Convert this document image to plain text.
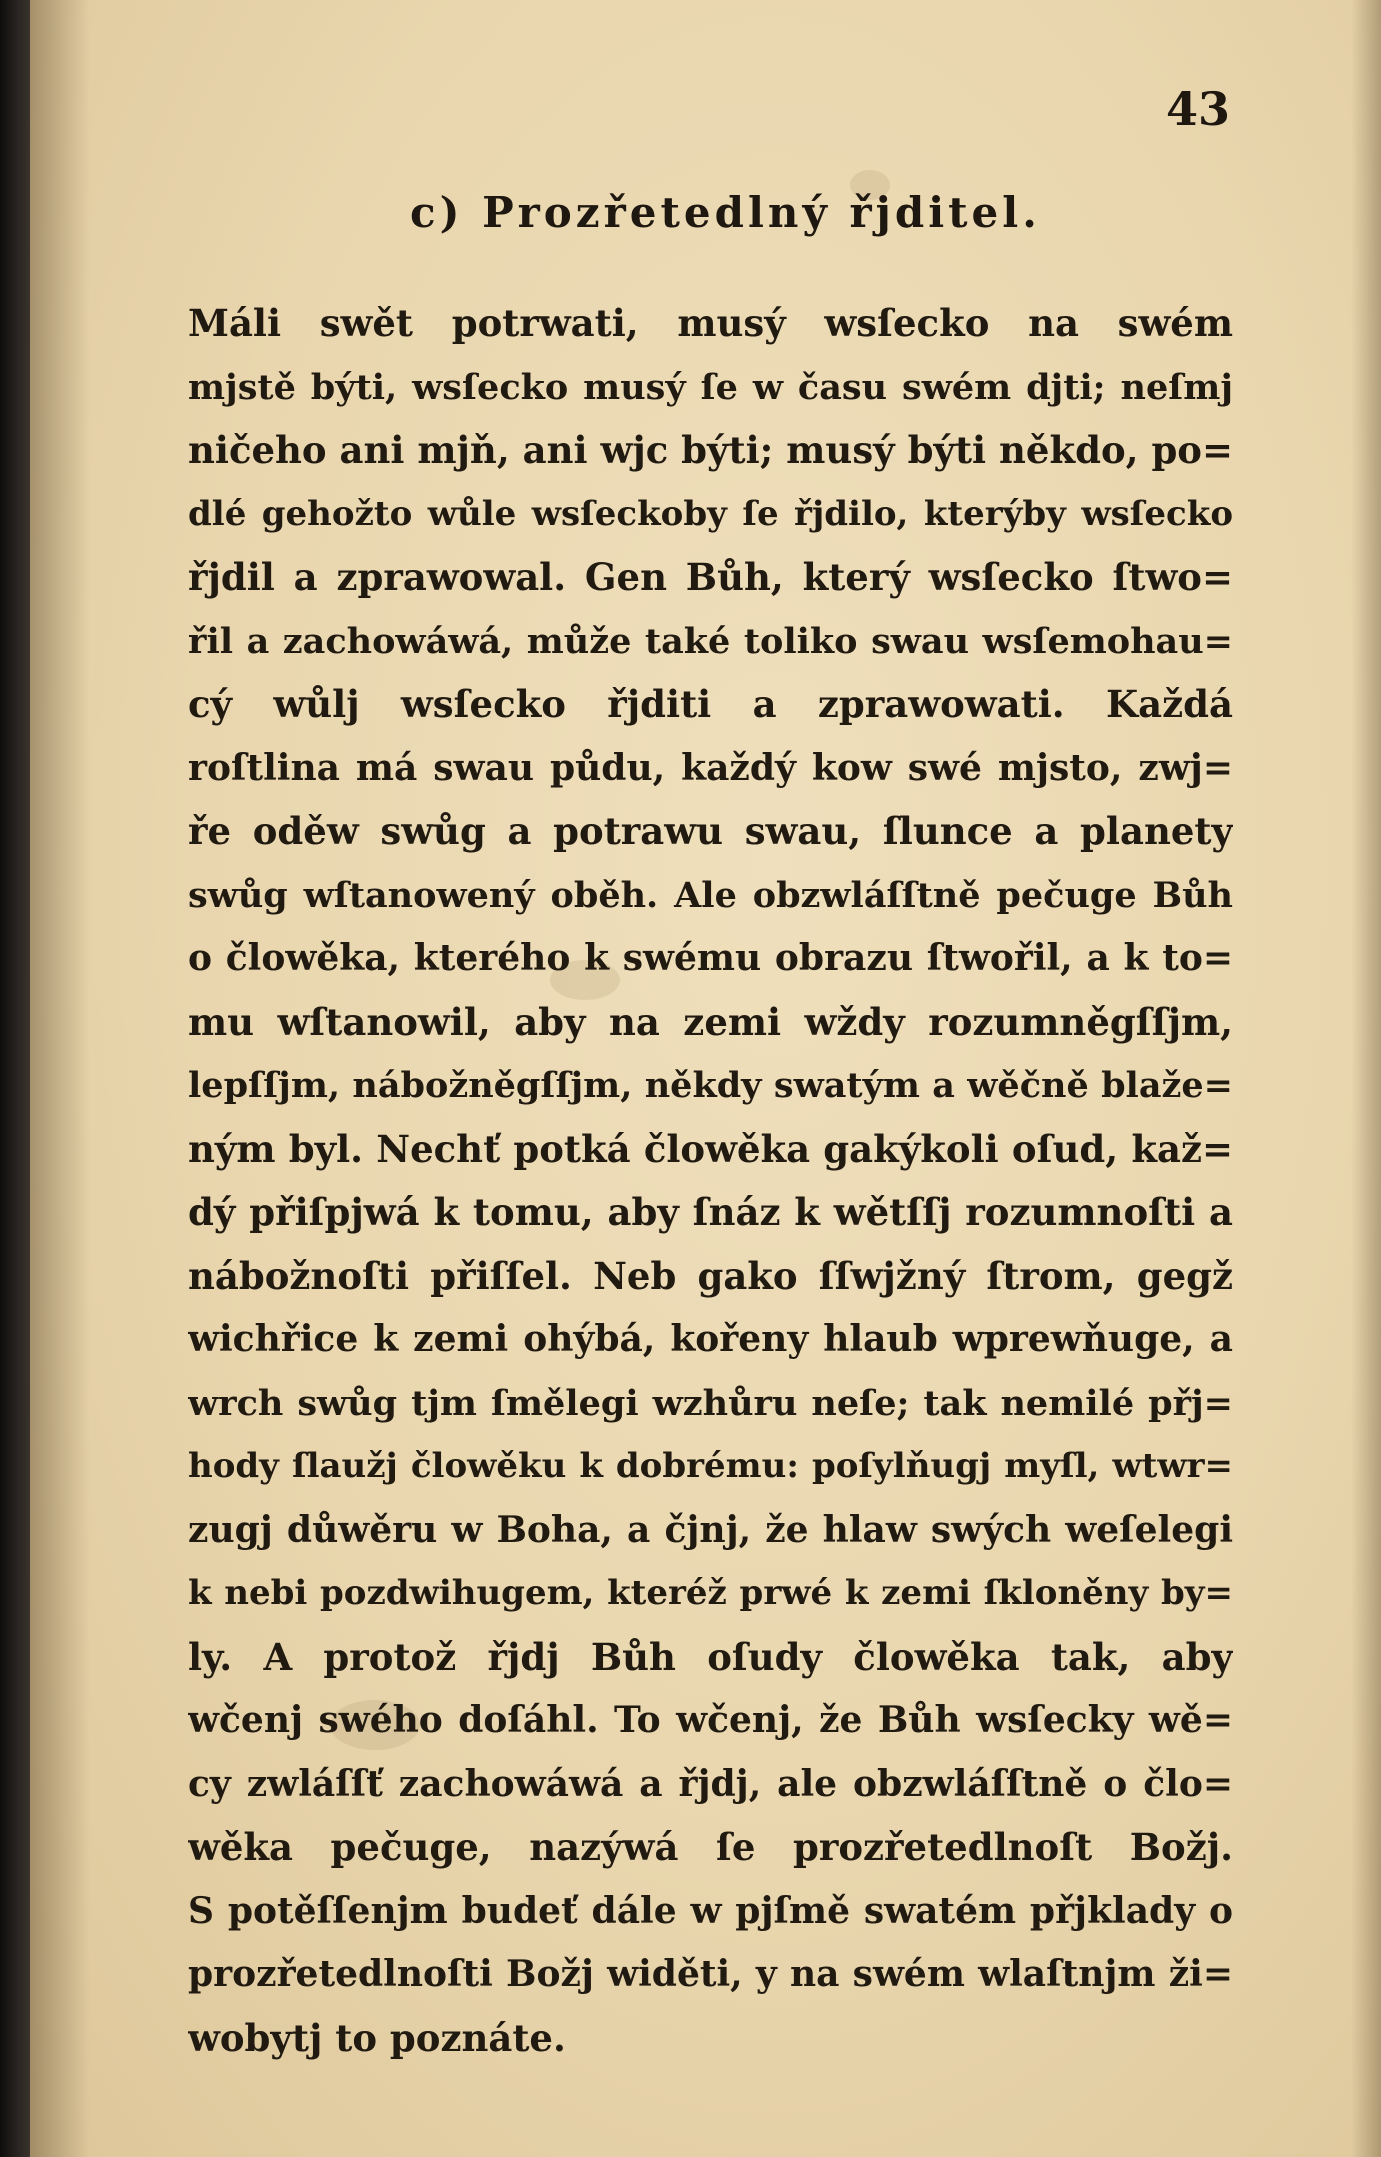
43
c) Prozřetedlný řjditel.
Máli swět potrwati, musý wsſecko na swém
mjstě býti, wsſecko musý ſe w času swém djti; neſmj
ničeho ani mjň, ani wjc býti; musý býti někdo, po=
dlé gehožto wůle wsſeckoby ſe řjdilo, kterýby wsſecko
řjdil a zprawowal. Gen Bůh, který wsſecko ſtwo=
řil a zachowáwá, může také toliko swau wsſemohau=
cý wůlj wsſecko řjditi a zprawowati. Každá
roſtlina má swau půdu, každý kow swé mjsto, zwj=
ře oděw swůg a potrawu swau, ſlunce a planety
swůg wſtanowený oběh. Ale obzwláſſtně pečuge Bůh
o člowěka, kterého k swému obrazu ſtwořil, a k to=
mu wſtanowil, aby na zemi wždy rozumněgſſjm,
lepſſjm, nábožněgſſjm, někdy swatým a wěčně blaže=
ným byl. Nechť potká člowěka gakýkoli oſud, kaž=
dý přiſpjwá k tomu, aby ſnáz k wětſſj rozumnoſti a
nábožnoſti přiſſel. Neb gako ſſwjžný ſtrom, gegž
wichřice k zemi ohýbá, kořeny hlaub wprewňuge, a
wrch swůg tjm ſmělegi wzhůru neſe; tak nemilé přj=
hody ſlaužj člowěku k dobrému: poſylňugj myſl, wtwr=
zugj důwěru w Boha, a čjnj, že hlaw swých weſelegi
k nebi pozdwihugem, kteréž prwé k zemi ſkloněny by=
ly. A protož řjdj Bůh oſudy člowěka tak, aby
wčenj swého doſáhl. To wčenj, že Bůh wsſecky wě=
cy zwláſſť zachowáwá a řjdj, ale obzwláſſtně o člo=
wěka pečuge, nazýwá ſe prozřetedlnoſt Božj.
S potěſſenjm budeť dále w pjſmě swatém přjklady o
prozřetedlnoſti Božj widěti, y na swém wlaſtnjm ži=
wobytj to poznáte.
